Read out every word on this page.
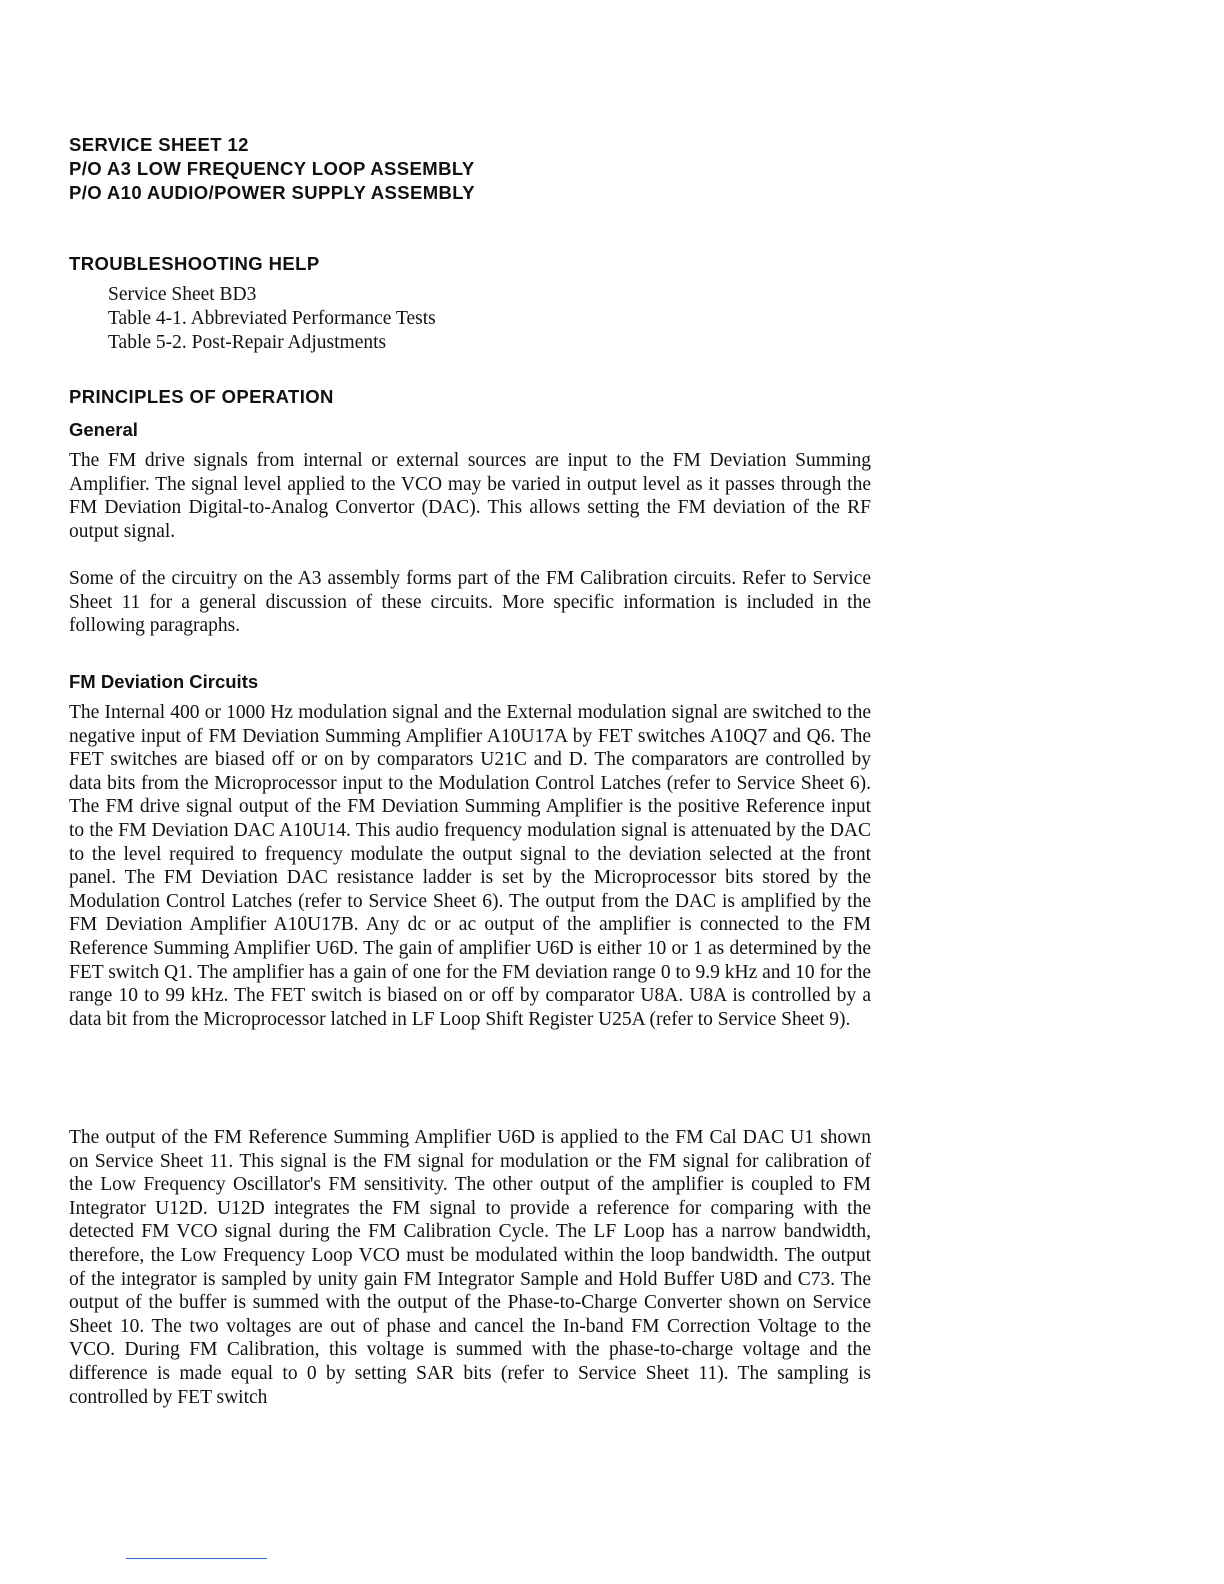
SERVICE SHEET 12

P/O A3 LOW FREQUENCY LOOP ASSEMBLY

P/O A10 AUDIO/POWER SUPPLY ASSEMBLY

TROUBLESHOOTING HELP

Service Sheet BD3

Table 4-1. Abbreviated Performance Tests

Table 5-2. Post-Repair Adjustments

PRINCIPLES OF OPERATION

General

The FM drive signals from internal or external sources are input to the FM Deviation Summing Amplifier. The signal level applied to the VCO may be varied in output level as it passes through the FM Deviation Digital-to-Analog Convertor (DAC). This allows setting the FM deviation of the RF output signal.

Some of the circuitry on the A3 assembly forms part of the FM Calibration circuits. Refer to Service Sheet 11 for a general discussion of these circuits. More specific information is included in the following paragraphs.

FM Deviation Circuits

The Internal 400 or 1000 Hz modulation signal and the External modulation signal are switched to the negative input of FM Deviation Summing Amplifier A10U17A by FET switches A10Q7 and Q6. The FET switches are biased off or on by comparators U21C and D. The comparators are controlled by data bits from the Microprocessor input to the Modulation Control Latches (refer to Service Sheet 6). The FM drive signal output of the FM Deviation Summing Amplifier is the positive Reference input to the FM Deviation DAC A10U14. This audio frequency modulation signal is attenuated by the DAC to the level required to frequency modulate the output signal to the deviation selected at the front panel. The FM Deviation DAC resistance ladder is set by the Microprocessor bits stored by the Modulation Control Latches (refer to Service Sheet 6). The output from the DAC is amplified by the FM Deviation Amplifier A10U17B. Any dc or ac output of the amplifier is connected to the FM Reference Summing Amplifier U6D. The gain of amplifier U6D is either 10 or 1 as determined by the FET switch Q1. The amplifier has a gain of one for the FM deviation range 0 to 9.9 kHz and 10 for the range 10 to 99 kHz. The FET switch is biased on or off by comparator U8A. U8A is controlled by a data bit from the Microprocessor latched in LF Loop Shift Register U25A (refer to Service Sheet 9).

The output of the FM Reference Summing Amplifier U6D is applied to the FM Cal DAC U1 shown on Service Sheet 11. This signal is the FM signal for modulation or the FM signal for calibration of the Low Frequency Oscillator's FM sensitivity. The other output of the amplifier is coupled to FM Integrator U12D. U12D integrates the FM signal to provide a reference for comparing with the detected FM VCO signal during the FM Calibration Cycle. The LF Loop has a narrow bandwidth, therefore, the Low Frequency Loop VCO must be modulated within the loop bandwidth. The output of the integrator is sampled by unity gain FM Integrator Sample and Hold Buffer U8D and C73. The output of the buffer is summed with the output of the Phase-to-Charge Converter shown on Service Sheet 10. The two voltages are out of phase and cancel the In-band FM Correction Voltage to the VCO. During FM Calibration, this voltage is summed with the phase-to-charge voltage and the difference is made equal to 0 by setting SAR bits (refer to Service Sheet 11). The sampling is controlled by FET switch
